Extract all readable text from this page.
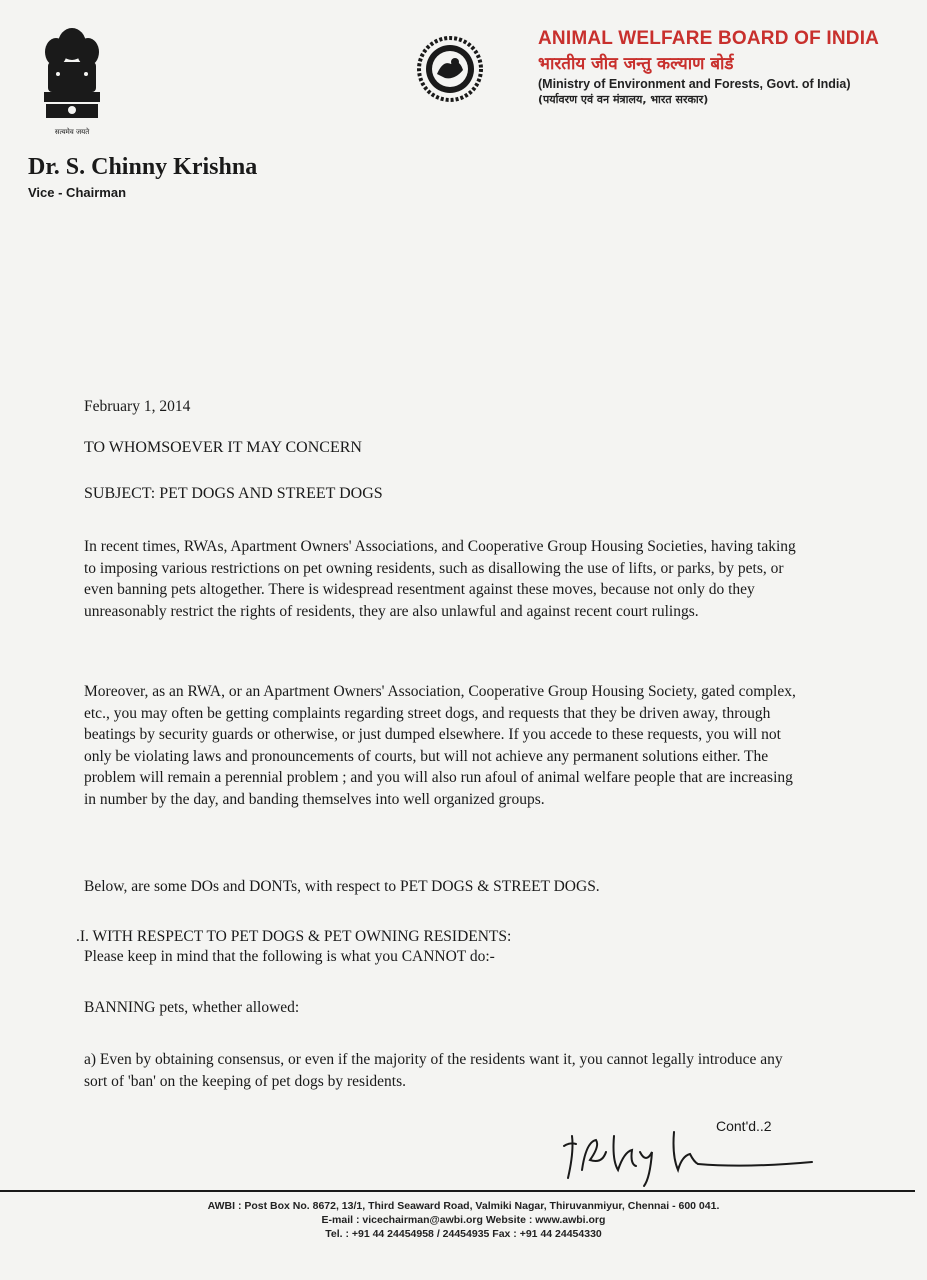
सत्यमेव जयते
ANIMAL WELFARE BOARD OF INDIA
भारतीय जीव जन्तु कल्याण बोर्ड
(Ministry of Environment and Forests, Govt. of India)
(पर्यावरण एवं वन मंत्रालय, भारत सरकार)
Dr. S. Chinny Krishna
Vice - Chairman
February 1, 2014
TO WHOMSOEVER IT MAY CONCERN
SUBJECT: PET DOGS AND STREET DOGS
In recent times, RWAs, Apartment Owners' Associations, and Cooperative Group Housing Societies, having taking to imposing various restrictions on pet owning residents, such as disallowing the use of lifts, or parks, by pets, or even banning pets altogether. There is widespread resentment against these moves, because not only do they unreasonably restrict the rights of residents, they are also unlawful and against recent court rulings.
Moreover, as an RWA, or an Apartment Owners' Association, Cooperative Group Housing Society, gated complex, etc., you may often be getting complaints regarding street dogs, and requests that they be driven away, through beatings by security guards or otherwise, or just dumped elsewhere. If you accede to these requests, you will not only be violating laws and pronouncements of courts, but will not achieve any permanent solutions either. The problem will remain a perennial problem ; and you will also run afoul of animal welfare people that are increasing in number by the day, and banding themselves into well organized groups.
Below, are some DOs and DONTs, with respect to PET DOGS & STREET DOGS.
.I. WITH RESPECT TO PET DOGS & PET OWNING RESIDENTS:
Please keep in mind that the following is what you CANNOT do:-
BANNING pets, whether allowed:
a) Even by obtaining consensus, or even if the majority of the residents want it, you cannot legally introduce any sort of 'ban' on the keeping of pet dogs by residents.
Cont'd..2
AWBI : Post Box No. 8672, 13/1, Third Seaward Road, Valmiki Nagar, Thiruvanmiyur, Chennai - 600 041.
E-mail : vicechairman@awbi.org Website : www.awbi.org
Tel. : +91 44 24454958 / 24454935 Fax : +91 44 24454330
